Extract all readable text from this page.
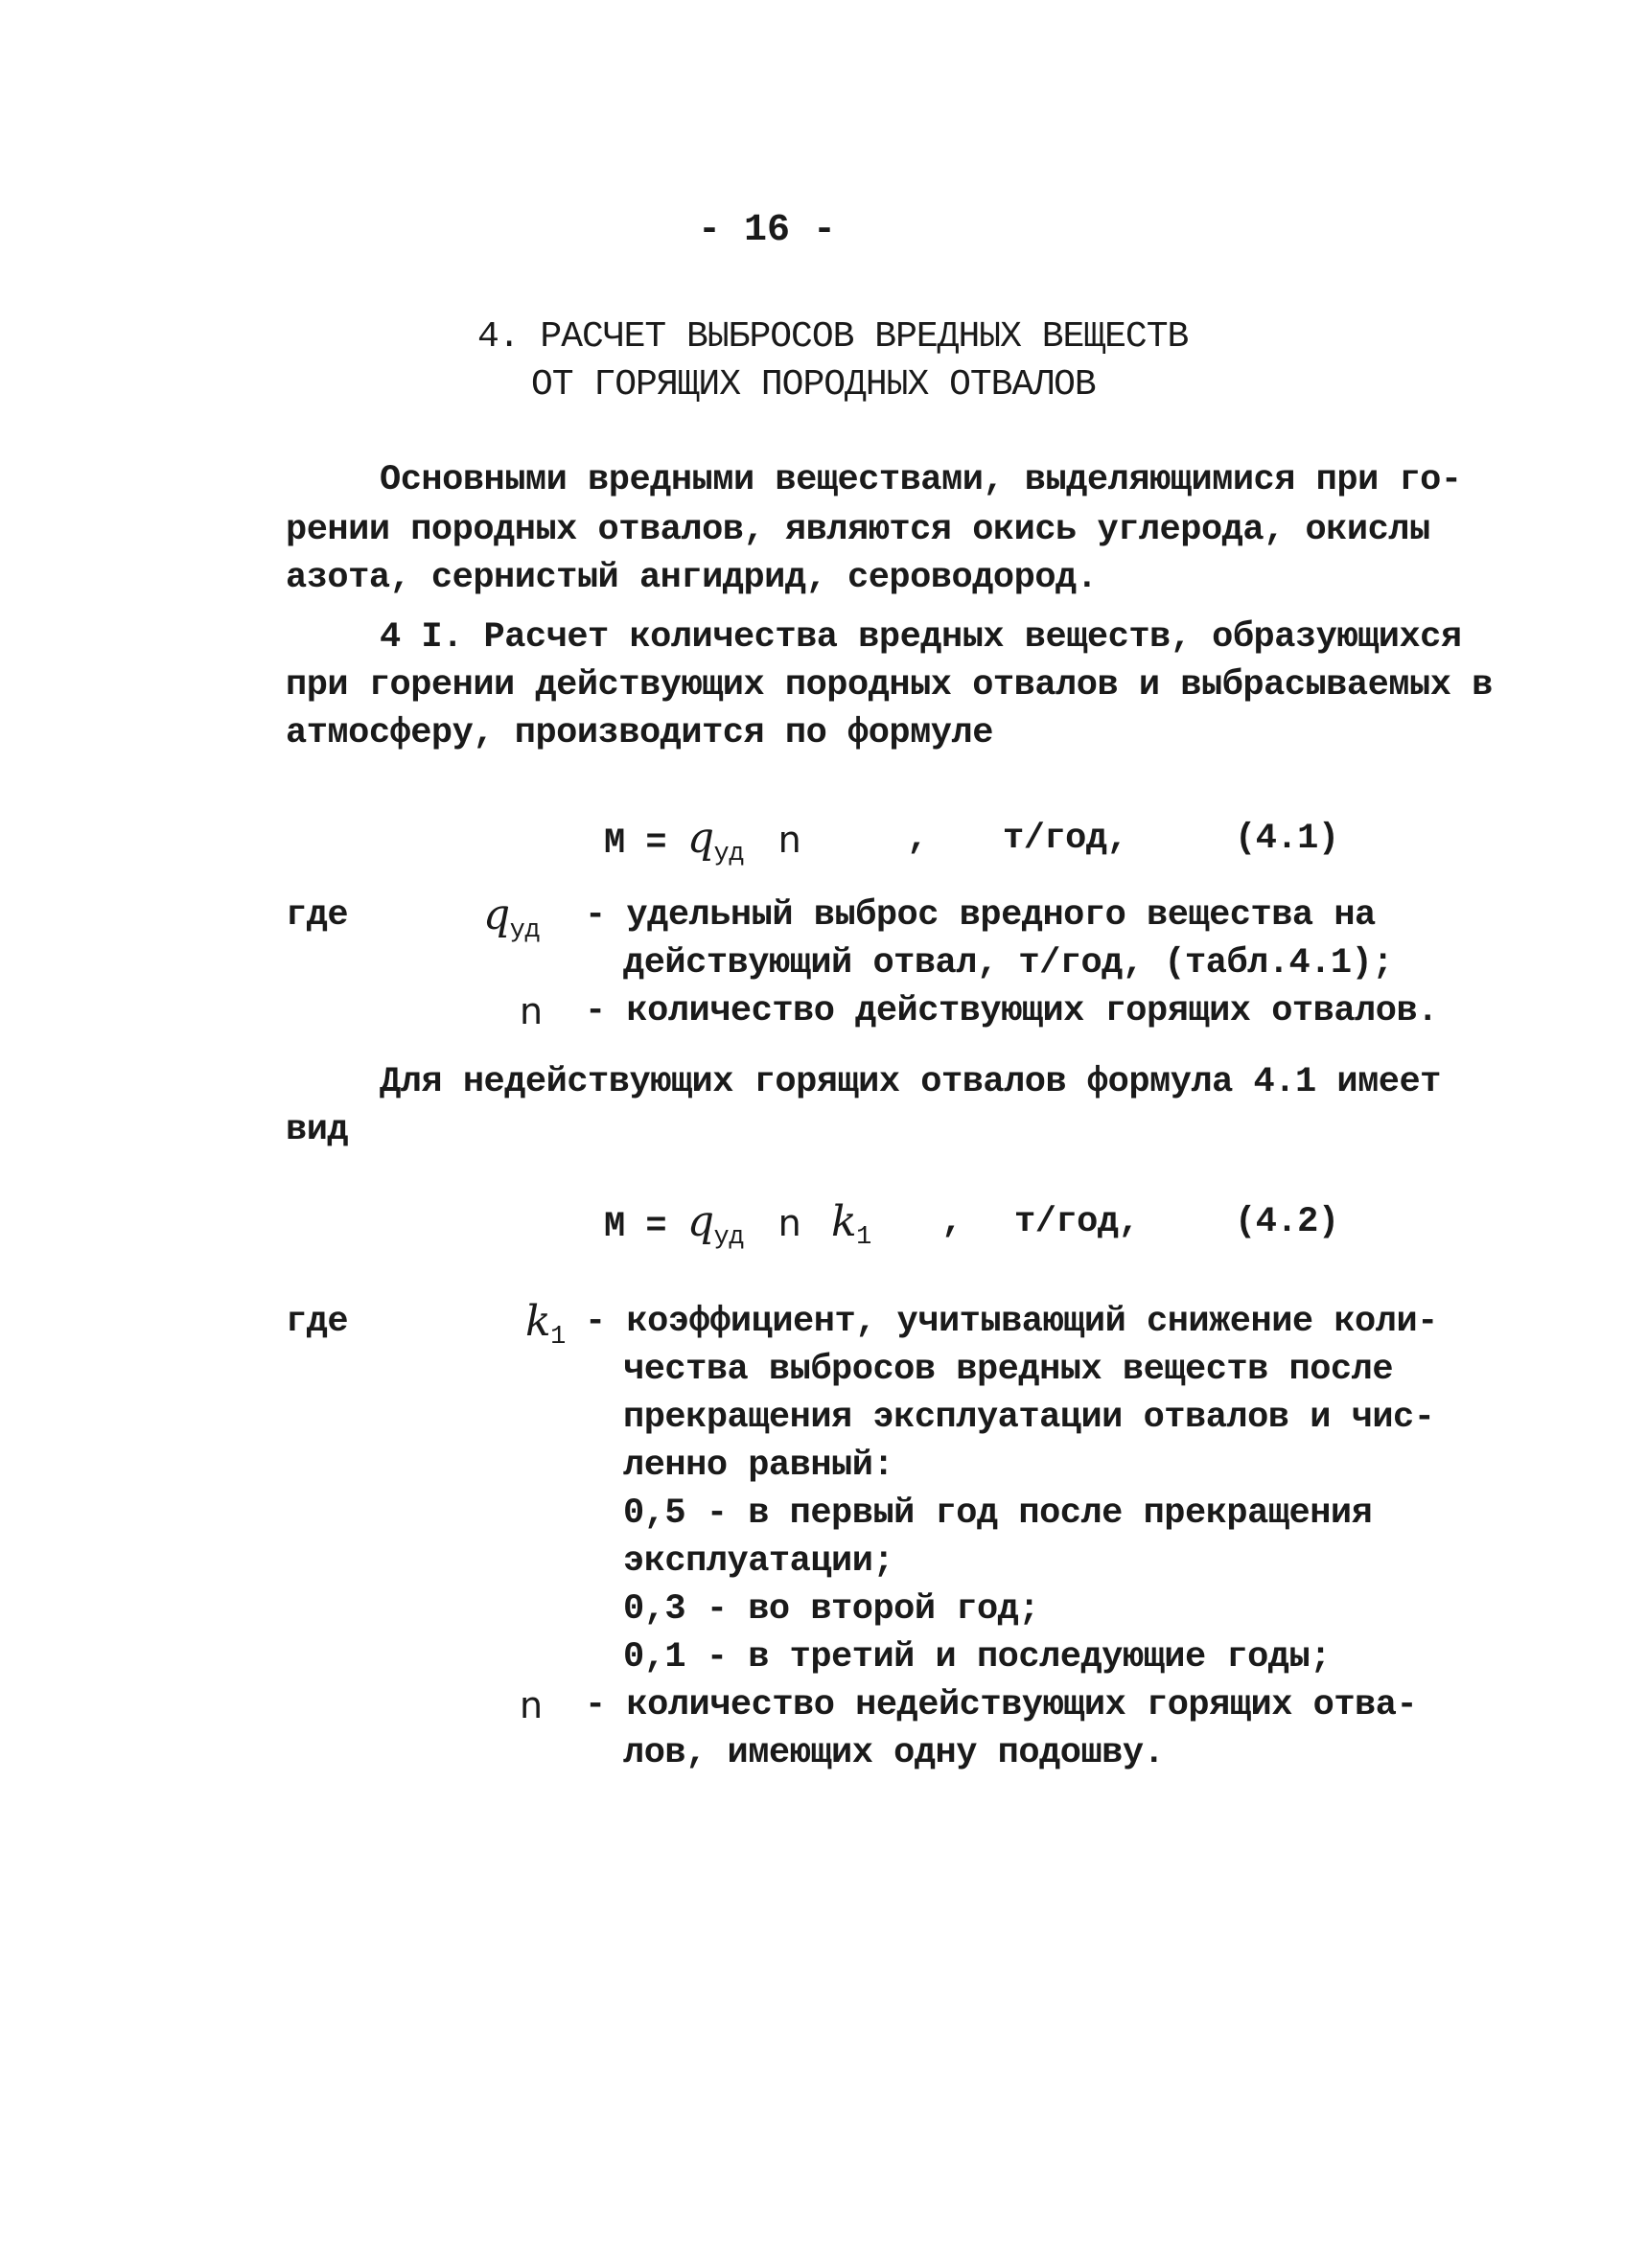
- 16 -
4. РАСЧЕТ ВЫБРОСОВ ВРЕДНЫХ ВЕЩЕСТВ
ОТ ГОРЯЩИХ ПОРОДНЫХ ОТВАЛОВ
Основными вредными веществами, выделяющимися при го-
рении породных отвалов, являются окись углерода, окислы
азота, сернистый ангидрид, сероводород.
4 I. Расчет количества вредных веществ, образующихся
при горении действующих породных отвалов и выбрасываемых в
атмосферу, производится по формуле
$М = q_{уд}$ n	, т/год,	(4.1)
где	$q_{уд}$ - удельный выброс вредного вещества на
действующий отвал, т/год, (табл.4.1);
n - количество действующих горящих отвалов.
Для недействующих горящих отвалов формула 4.1 имеет
вид
$М = q_{уд}$ n $k_1$ , т/год,	(4.2)
где	$k_1$ - коэффициент, учитывающий снижение коли-
чества выбросов вредных веществ после
прекращения эксплуатации отвалов и чис-
ленно равный:
0,5 - в первый год после прекращения
эксплуатации;
0,3 - во второй год;
0,1 - в третий и последующие годы;
n - количество недействующих горящих отва-
лов, имеющих одну подошву.
